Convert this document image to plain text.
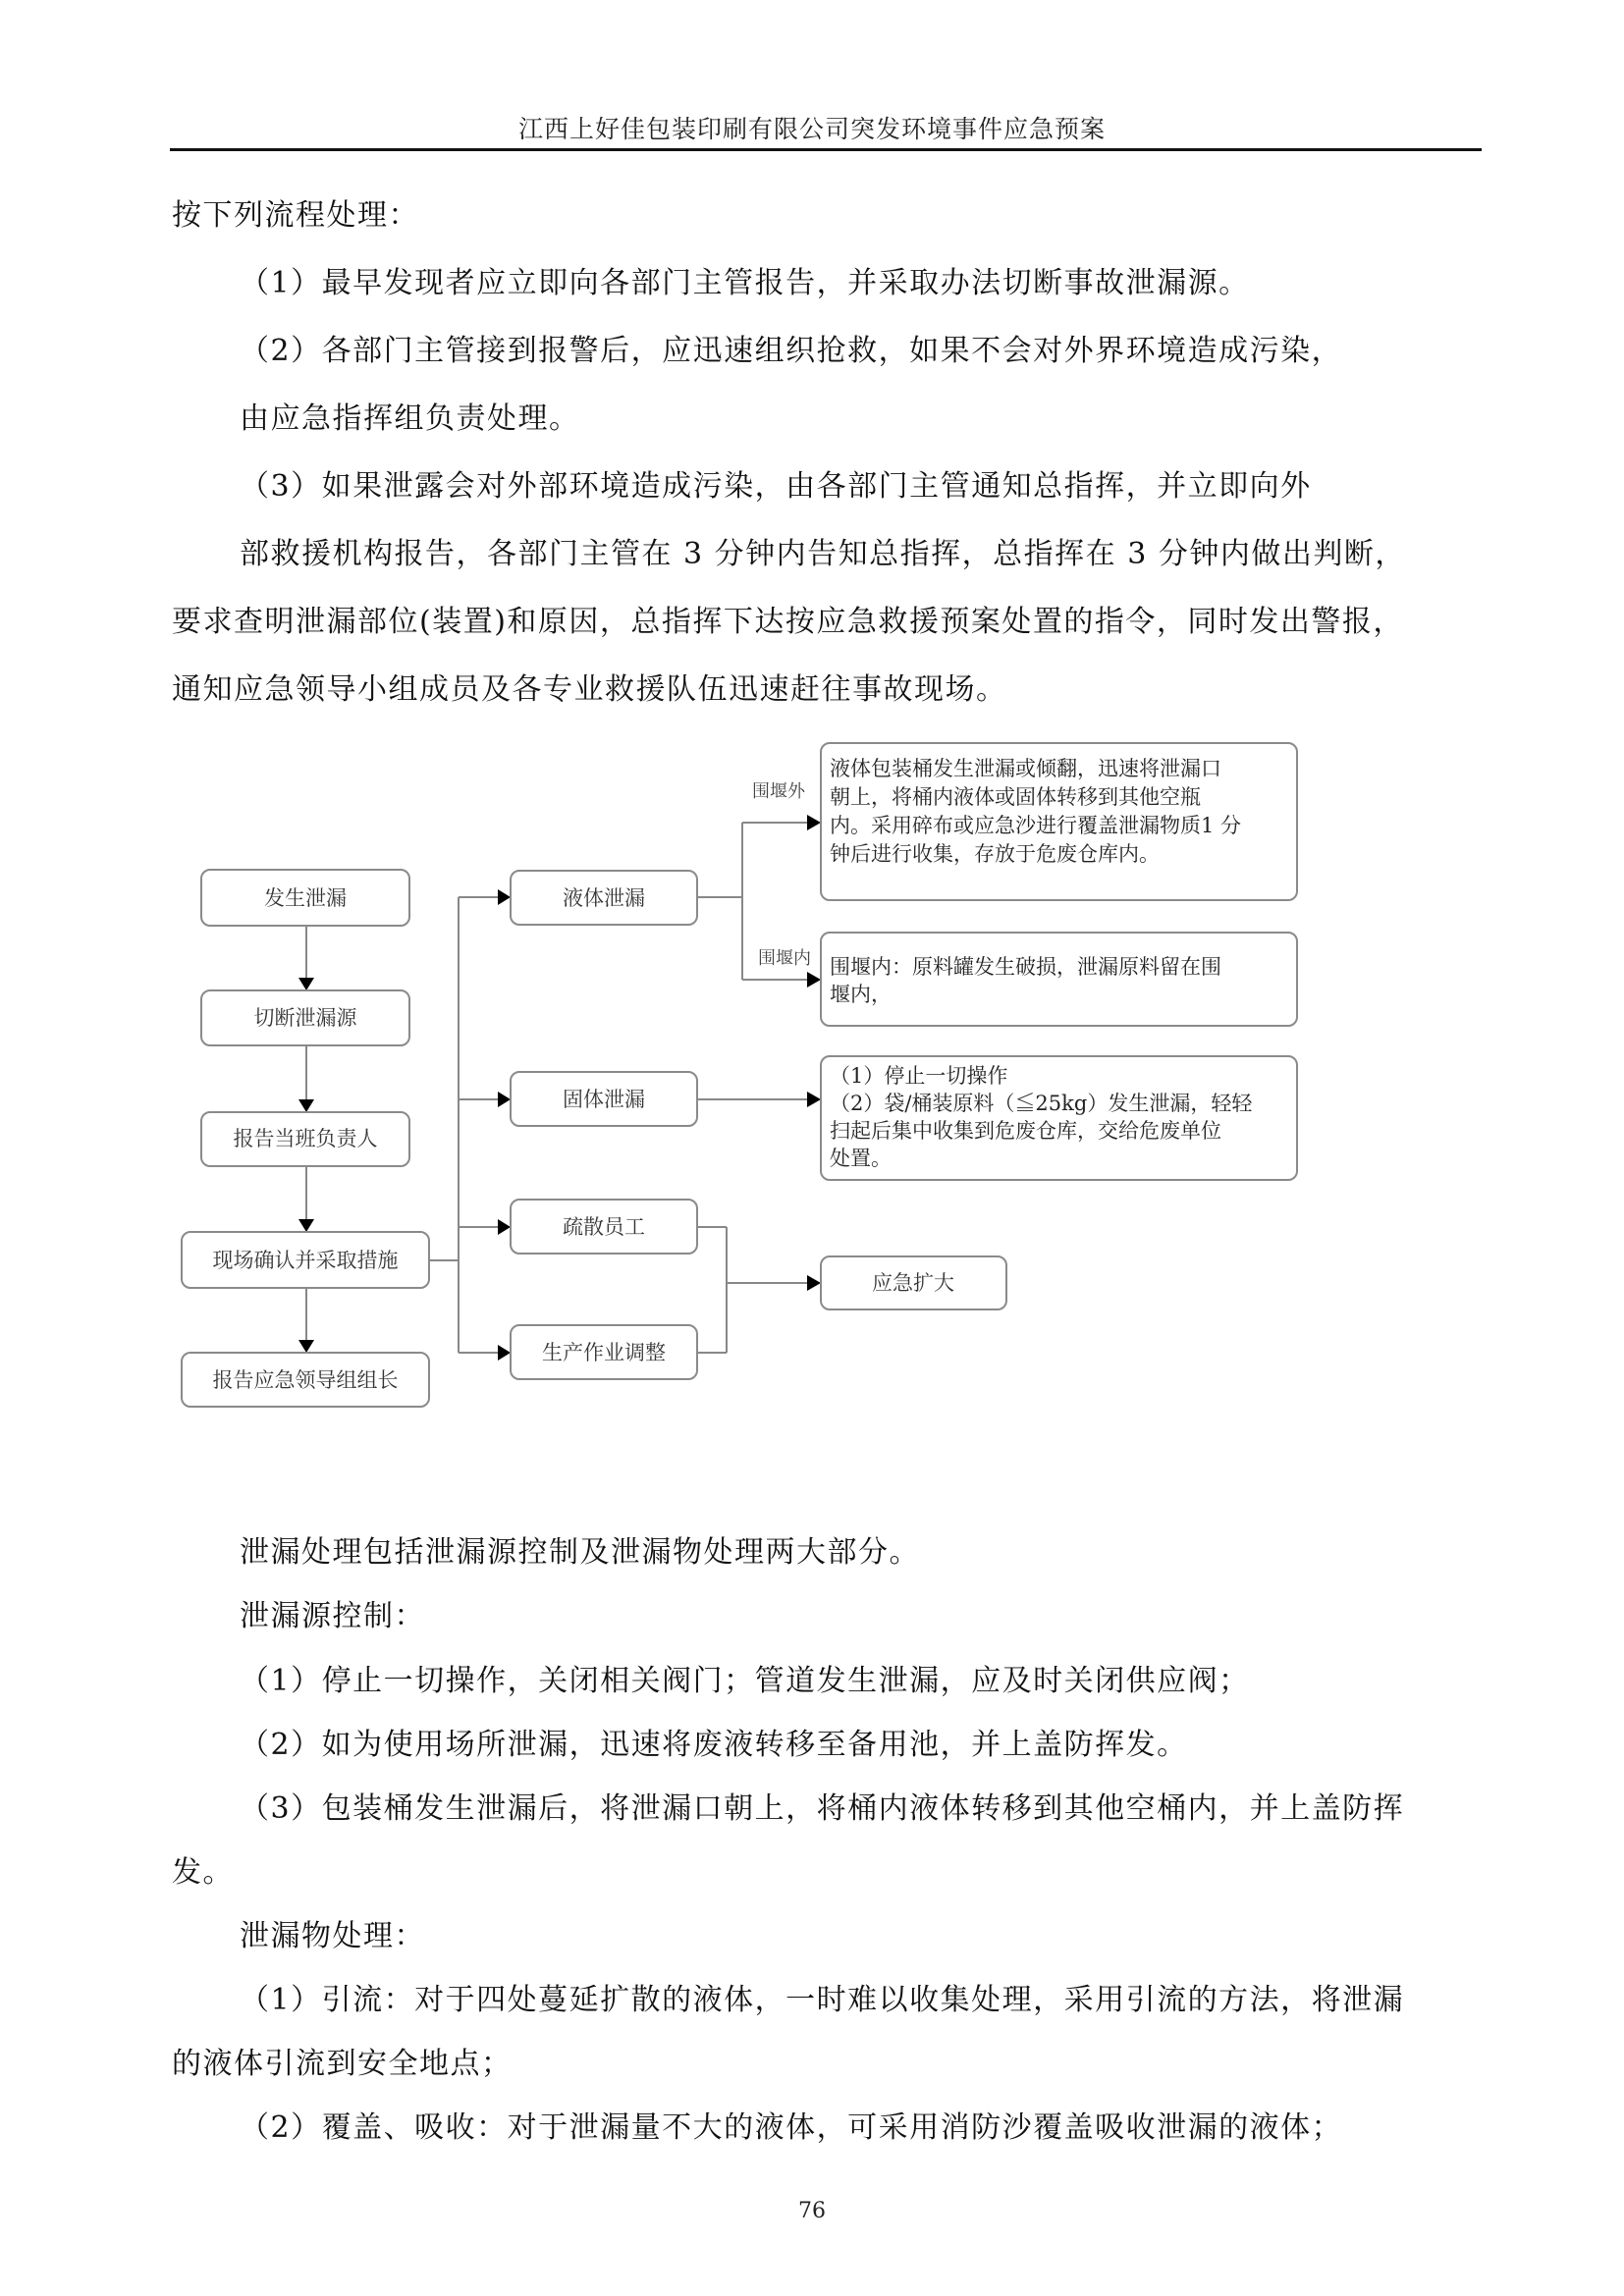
江西上好佳包装印刷有限公司突发环境事件应急预案
按下列流程处理：
（1）最早发现者应立即向各部门主管报告，并采取办法切断事故泄漏源。
（2）各部门主管接到报警后，应迅速组织抢救，如果不会对外界环境造成污染，
由应急指挥组负责处理。
（3）如果泄露会对外部环境造成污染，由各部门主管通知总指挥，并立即向外
部救援机构报告，各部门主管在 3 分钟内告知总指挥，总指挥在 3 分钟内做出判断，
要求查明泄漏部位(装置)和原因，总指挥下达按应急救援预案处置的指令，同时发出警报，
通知应急领导小组成员及各专业救援队伍迅速赶往事故现场。
发生泄漏
切断泄漏源
报告当班负责人
现场确认并采取措施
报告应急领导组组长
液体泄漏
固体泄漏
疏散员工
生产作业调整
围堰外
围堰内
液体包装桶发生泄漏或倾翻，迅速将泄漏口
朝上，将桶内液体或固体转移到其他空瓶
内。采用碎布或应急沙进行覆盖泄漏物质1 分
钟后进行收集，存放于危废仓库内。
围堰内：原料罐发生破损，泄漏原料留在围
堰内，
（1）停止一切操作
（2）袋/桶装原料（≦25kg）发生泄漏，轻轻
扫起后集中收集到危废仓库，交给危废单位
处置。
应急扩大
泄漏处理包括泄漏源控制及泄漏物处理两大部分。
泄漏源控制：
（1）停止一切操作，关闭相关阀门；管道发生泄漏，应及时关闭供应阀；
（2）如为使用场所泄漏，迅速将废液转移至备用池，并上盖防挥发。
（3）包装桶发生泄漏后，将泄漏口朝上，将桶内液体转移到其他空桶内，并上盖防挥
发。
泄漏物处理：
（1）引流：对于四处蔓延扩散的液体，一时难以收集处理，采用引流的方法，将泄漏
的液体引流到安全地点；
（2）覆盖、吸收：对于泄漏量不大的液体，可采用消防沙覆盖吸收泄漏的液体；
76
